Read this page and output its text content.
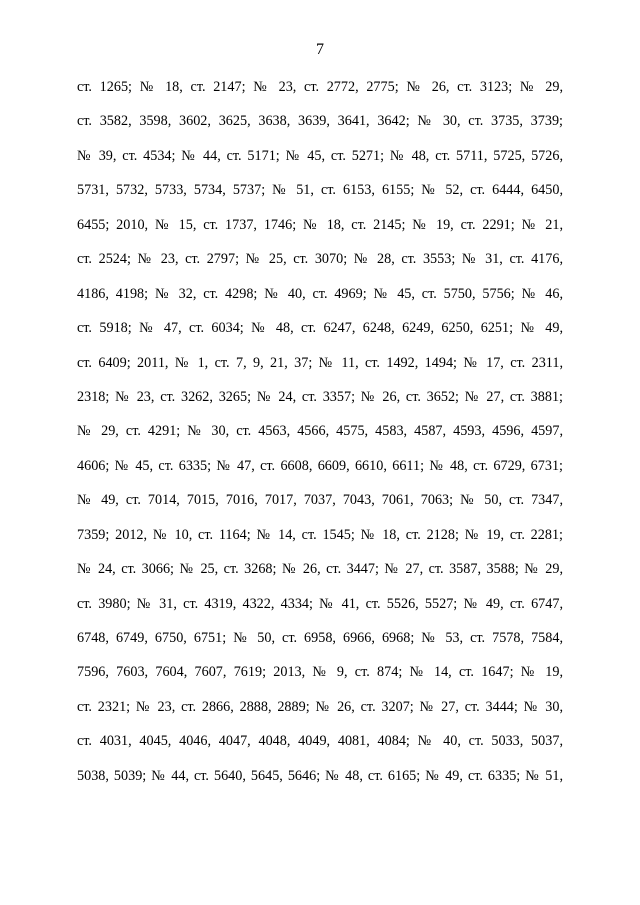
7
ст. 1265; № 18, ст. 2147; № 23, ст. 2772, 2775; № 26, ст. 3123; № 29,
ст. 3582, 3598, 3602, 3625, 3638, 3639, 3641, 3642; № 30, ст. 3735, 3739;
№ 39, ст. 4534; № 44, ст. 5171; № 45, ст. 5271; № 48, ст. 5711, 5725, 5726,
5731, 5732, 5733, 5734, 5737; № 51, ст. 6153, 6155; № 52, ст. 6444, 6450,
6455; 2010, № 15, ст. 1737, 1746; № 18, ст. 2145; № 19, ст. 2291; № 21,
ст. 2524; № 23, ст. 2797; № 25, ст. 3070; № 28, ст. 3553; № 31, ст. 4176,
4186, 4198; № 32, ст. 4298; № 40, ст. 4969; № 45, ст. 5750, 5756; № 46,
ст. 5918; № 47, ст. 6034; № 48, ст. 6247, 6248, 6249, 6250, 6251; № 49,
ст. 6409; 2011, № 1, ст. 7, 9, 21, 37; № 11, ст. 1492, 1494; № 17, ст. 2311,
2318; № 23, ст. 3262, 3265; № 24, ст. 3357; № 26, ст. 3652; № 27, ст. 3881;
№ 29, ст. 4291; № 30, ст. 4563, 4566, 4575, 4583, 4587, 4593, 4596, 4597,
4606; № 45, ст. 6335; № 47, ст. 6608, 6609, 6610, 6611; № 48, ст. 6729, 6731;
№ 49, ст. 7014, 7015, 7016, 7017, 7037, 7043, 7061, 7063; № 50, ст. 7347,
7359; 2012, № 10, ст. 1164; № 14, ст. 1545; № 18, ст. 2128; № 19, ст. 2281;
№ 24, ст. 3066; № 25, ст. 3268; № 26, ст. 3447; № 27, ст. 3587, 3588; № 29,
ст. 3980; № 31, ст. 4319, 4322, 4334; № 41, ст. 5526, 5527; № 49, ст. 6747,
6748, 6749, 6750, 6751; № 50, ст. 6958, 6966, 6968; № 53, ст. 7578, 7584,
7596, 7603, 7604, 7607, 7619; 2013, № 9, ст. 874; № 14, ст. 1647; № 19,
ст. 2321; № 23, ст. 2866, 2888, 2889; № 26, ст. 3207; № 27, ст. 3444; № 30,
ст. 4031, 4045, 4046, 4047, 4048, 4049, 4081, 4084; № 40, ст. 5033, 5037,
5038, 5039; № 44, ст. 5640, 5645, 5646; № 48, ст. 6165; № 49, ст. 6335; № 51,
